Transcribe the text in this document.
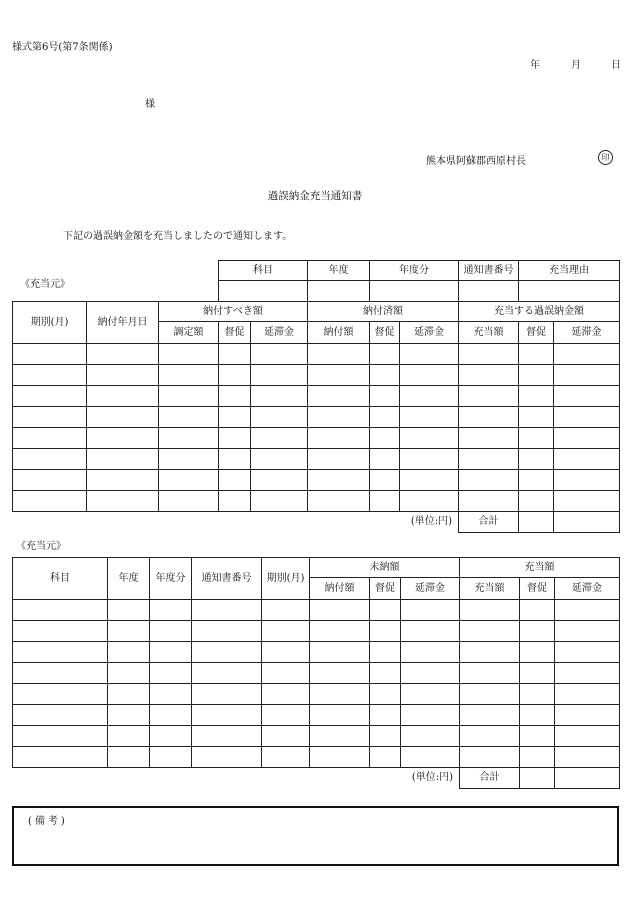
様式第6号(第7条関係)
年	月	日
様
熊本県阿蘇郡西原村長	印
過誤納金充当通知書
下記の過誤納金額を充当しましたので通知します。
《充当元》
			科目		年度	年度分		通知書番号	充当理由		

期別(月)	納付年月日	納付すべき額			納付済額			充当する過誤納金額			
		調定額	督促	延滞金	納付額	督促	延滞金	充当額	督促	延滞金	

						(単位:円)		合計			
《充当元》
科目	年度	年度分	通知書番号	期別(月)	未納額			充当額			
					納付額	督促	延滞金	充当額	督促	延滞金	

						(単位:円)		合計			
(備考)
